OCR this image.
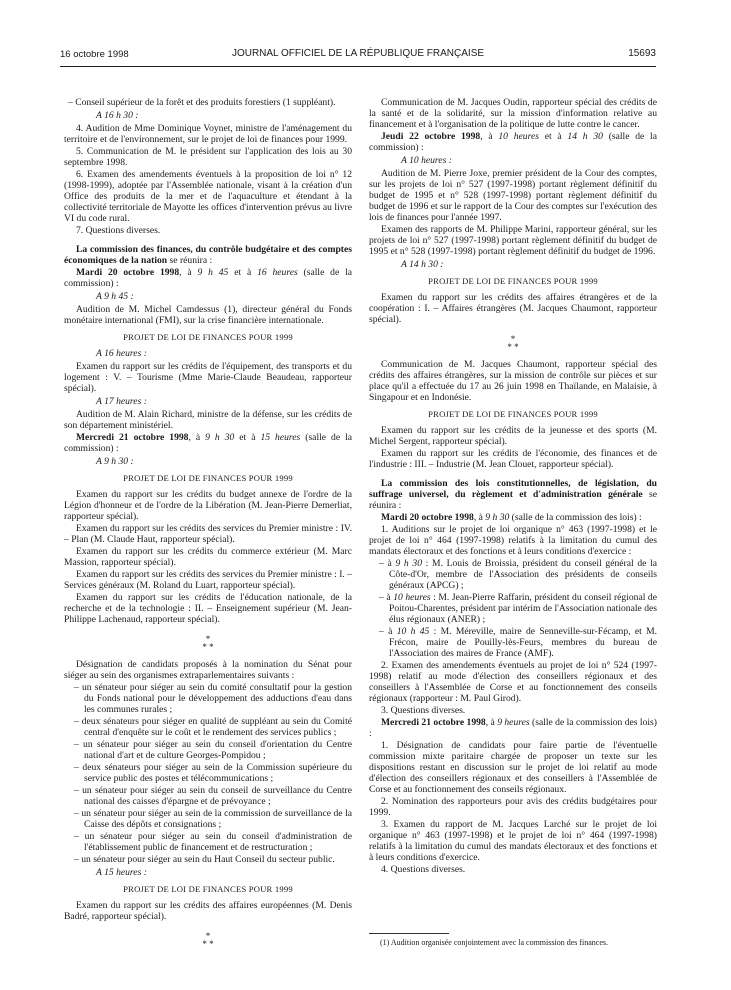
16 octobre 1998	JOURNAL OFFICIEL DE LA RÉPUBLIQUE FRANÇAISE	15693

– Conseil supérieur de la forêt et des produits forestiers (1 suppléant).

A 16 h 30 :

4. Audition de Mme Dominique Voynet, ministre de l'aménagement du territoire et de l'environnement, sur le projet de loi de finances pour 1999.

5. Communication de M. le président sur l'application des lois au 30 septembre 1998.

6. Examen des amendements éventuels à la proposition de loi n° 12 (1998-1999), adoptée par l'Assemblée nationale, visant à la création d'un Office des produits de la mer et de l'aquaculture et étendant à la collectivité territoriale de Mayotte les offices d'intervention prévus au livre VI du code rural.

7. Questions diverses.

La commission des finances, du contrôle budgétaire et des comptes économiques de la nation se réunira :

Mardi 20 octobre 1998, à 9 h 45 et à 16 heures (salle de la commission) :

A 9 h 45 :

Audition de M. Michel Camdessus (1), directeur général du Fonds monétaire international (FMI), sur la crise financière internationale.

PROJET DE LOI DE FINANCES POUR 1999

A 16 heures :

Examen du rapport sur les crédits de l'équipement, des transports et du logement : V. – Tourisme (Mme Marie-Claude Beaudeau, rapporteur spécial).

A 17 heures :

Audition de M. Alain Richard, ministre de la défense, sur les crédits de son département ministériel.

Mercredi 21 octobre 1998, à 9 h 30 et à 15 heures (salle de la commission) :

A 9 h 30 :

PROJET DE LOI DE FINANCES POUR 1999

Examen du rapport sur les crédits du budget annexe de l'ordre de la Légion d'honneur et de l'ordre de la Libération (M. Jean-Pierre Demerliat, rapporteur spécial).

Examen du rapport sur les crédits des services du Premier ministre : IV. – Plan (M. Claude Haut, rapporteur spécial).

Examen du rapport sur les crédits du commerce extérieur (M. Marc Massion, rapporteur spécial).

Examen du rapport sur les crédits des services du Premier ministre : I. – Services généraux (M. Roland du Luart, rapporteur spécial).

Examen du rapport sur les crédits de l'éducation nationale, de la recherche et de la technologie : II. – Enseignement supérieur (M. Jean-Philippe Lachenaud, rapporteur spécial).

*
* *

Désignation de candidats proposés à la nomination du Sénat pour siéger au sein des organismes extraparlementaires suivants :

– un sénateur pour siéger au sein du comité consultatif pour la gestion du Fonds national pour le développement des adductions d'eau dans les communes rurales ;

– deux sénateurs pour siéger en qualité de suppléant au sein du Comité central d'enquête sur le coût et le rendement des services publics ;

– un sénateur pour siéger au sein du conseil d'orientation du Centre national d'art et de culture Georges-Pompidou ;

– deux sénateurs pour siéger au sein de la Commission supérieure du service public des postes et télécommunications ;

– un sénateur pour siéger au sein du conseil de surveillance du Centre national des caisses d'épargne et de prévoyance ;

– un sénateur pour siéger au sein de la commission de surveillance de la Caisse des dépôts et consignations ;

– un sénateur pour siéger au sein du conseil d'administration de l'établissement public de financement et de restructuration ;

– un sénateur pour siéger au sein du Haut Conseil du secteur public.

A 15 heures :

PROJET DE LOI DE FINANCES POUR 1999

Examen du rapport sur les crédits des affaires européennes (M. Denis Badré, rapporteur spécial).

*
* *

Communication de M. Jacques Oudin, rapporteur spécial des crédits de la santé et de la solidarité, sur la mission d'information relative au financement et à l'organisation de la politique de lutte contre le cancer.

Jeudi 22 octobre 1998, à 10 heures et à 14 h 30 (salle de la commission) :

A 10 heures :

Audition de M. Pierre Joxe, premier président de la Cour des comptes, sur les projets de loi n° 527 (1997-1998) portant règlement définitif du budget de 1995 et n° 528 (1997-1998) portant règlement définitif du budget de 1996 et sur le rapport de la Cour des comptes sur l'exécution des lois de finances pour l'année 1997.

Examen des rapports de M. Philippe Marini, rapporteur général, sur les projets de loi n° 527 (1997-1998) portant règlement définitif du budget de 1995 et n° 528 (1997-1998) portant règlement définitif du budget de 1996.

A 14 h 30 :

PROJET DE LOI DE FINANCES POUR 1999

Examen du rapport sur les crédits des affaires étrangères et de la coopération : I. – Affaires étrangères (M. Jacques Chaumont, rapporteur spécial).

*
* *

Communication de M. Jacques Chaumont, rapporteur spécial des crédits des affaires étrangères, sur la mission de contrôle sur pièces et sur place qu'il a effectuée du 17 au 26 juin 1998 en Thaïlande, en Malaisie, à Singapour et en Indonésie.

PROJET DE LOI DE FINANCES POUR 1999

Examen du rapport sur les crédits de la jeunesse et des sports (M. Michel Sergent, rapporteur spécial).

Examen du rapport sur les crédits de l'économie, des finances et de l'industrie : III. – Industrie (M. Jean Clouet, rapporteur spécial).

La commission des lois constitutionnelles, de législation, du suffrage universel, du règlement et d'administration générale se réunira :

Mardi 20 octobre 1998, à 9 h 30 (salle de la commission des lois) :

1. Auditions sur le projet de loi organique n° 463 (1997-1998) et le projet de loi n° 464 (1997-1998) relatifs à la limitation du cumul des mandats électoraux et des fonctions et à leurs conditions d'exercice :

– à 9 h 30 : M. Louis de Broissia, président du conseil général de la Côte-d'Or, membre de l'Association des présidents de conseils généraux (APCG) ;

– à 10 heures : M. Jean-Pierre Raffarin, président du conseil régional de Poitou-Charentes, président par intérim de l'Association nationale des élus régionaux (ANER) ;

– à 10 h 45 : M. Méreville, maire de Senneville-sur-Fécamp, et M. Frécon, maire de Pouilly-lès-Feurs, membres du bureau de l'Association des maires de France (AMF).

2. Examen des amendements éventuels au projet de loi n° 524 (1997-1998) relatif au mode d'élection des conseillers régionaux et des conseillers à l'Assemblée de Corse et au fonctionnement des conseils régionaux (rapporteur : M. Paul Girod).

3. Questions diverses.

Mercredi 21 octobre 1998, à 9 heures (salle de la commission des lois) :

1. Désignation de candidats pour faire partie de l'éventuelle commission mixte paritaire chargée de proposer un texte sur les dispositions restant en discussion sur le projet de loi relatif au mode d'élection des conseillers régionaux et des conseillers à l'Assemblée de Corse et au fonctionnement des conseils régionaux.

2. Nomination des rapporteurs pour avis des crédits budgétaires pour 1999.

3. Examen du rapport de M. Jacques Larché sur le projet de loi organique n° 463 (1997-1998) et le projet de loi n° 464 (1997-1998) relatifs à la limitation du cumul des mandats électoraux et des fonctions et à leurs conditions d'exercice.

4. Questions diverses.

(1) Audition organisée conjointement avec la commission des finances.
